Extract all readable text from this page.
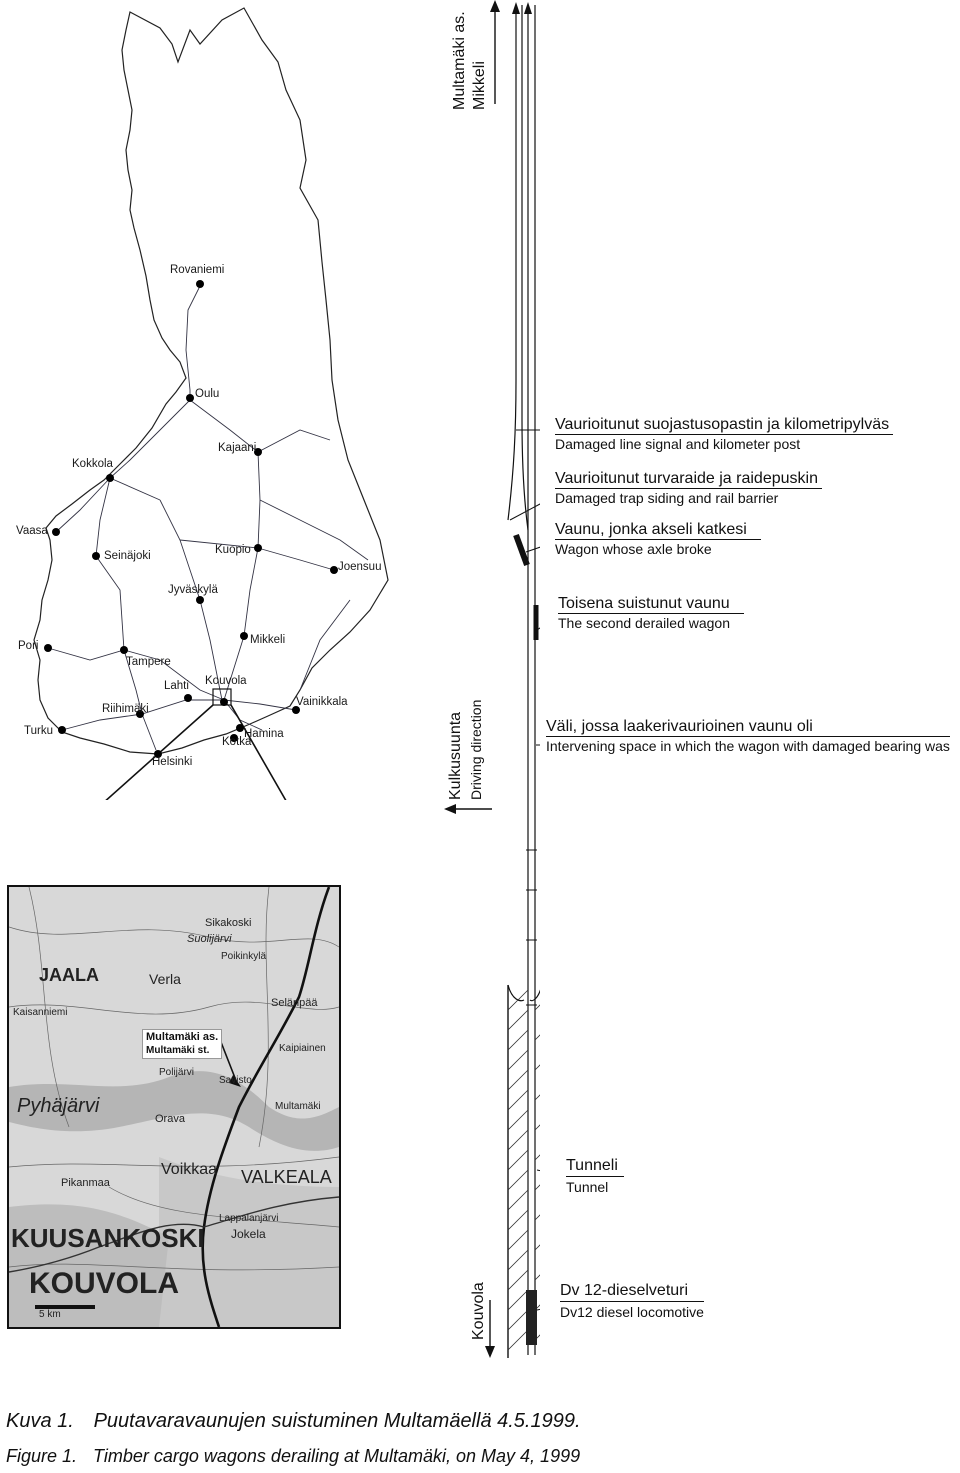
Rovaniemi
Oulu
Kokkola
Kajaani
Vaasa
Seinäjoki	Kuopio
Joensuu
Jyväskylä
Pori	Mikkeli
Tampere
Lahti Kouvola
Vainikkala
Riihimäki
Turku	Hamina
Kotka
Helsinki
Multamäki as.
Multamäki st.
Sikakoski
Suolijärvi
JAALA	Verla
Poikinkylä
Selänpää
Kaisanniemi
Polijärvi
Kaipiainen
Savisto
Pyhäjärvi	Multamäki
Orava
Pikanmaa
Voikkaa VALKEALA
Lappalanjärvi
KUUSANKOSKI Jokela
KOUVOLA
5 km
Multamäki as. Mikkeli
Kulkusuunta Driving direction
Kouvola
Vaurioitunut suojastusopastin ja kilometripylväs
Damaged line signal and kilometer post
Vaurioitunut turvaraide ja raidepuskin
Damaged trap siding and rail barrier
Vaunu, jonka akseli katkesi
Wagon whose axle broke
Toisena suistunut vaunu
The second derailed wagon
Väli, jossa laakerivaurioinen vaunu oli
Intervening space in which the wagon with damaged bearing was
Tunneli
Tunnel
Dv 12-dieselveturi
Dv12 diesel locomotive
Kuva 1. Puutavaravaunujen suistuminen Multamäellä 4.5.1999.
Figure 1. Timber cargo wagons derailing at Multamäki, on May 4, 1999
